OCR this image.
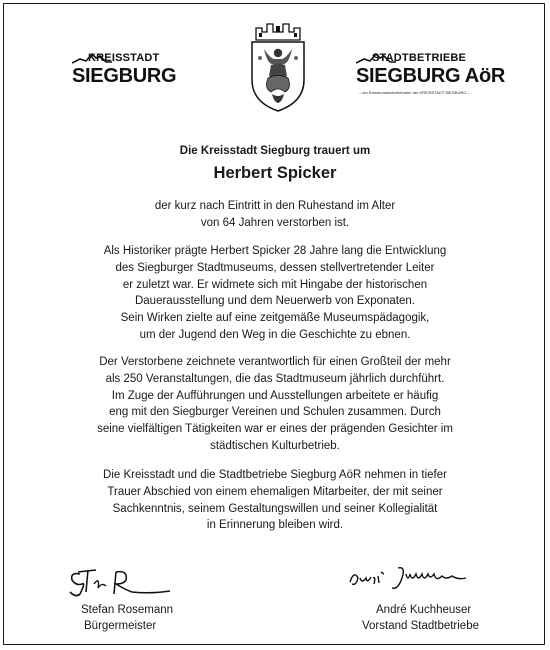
KREISSTADT
SIEGBURG
STADTBETRIEBE
SIEGBURG AöR
– ein Kommunalunternehmen der KREISSTADT SIEGBURG –
Die Kreisstadt Siegburg trauert um
Herbert Spicker
der kurz nach Eintritt in den Ruhestand im Alter
von 64 Jahren verstorben ist.
Als Historiker prägte Herbert Spicker 28 Jahre lang die Entwicklung
des Siegburger Stadtmuseums, dessen stellvertretender Leiter
er zuletzt war. Er widmete sich mit Hingabe der historischen
Dauerausstellung und dem Neuerwerb von Exponaten.
Sein Wirken zielte auf eine zeitgemäße Museumspädagogik,
um der Jugend den Weg in die Geschichte zu ebnen.
Der Verstorbene zeichnete verantwortlich für einen Großteil der mehr
als 250 Veranstaltungen, die das Stadtmuseum jährlich durchführt.
Im Zuge der Aufführungen und Ausstellungen arbeitete er häufig
eng mit den Siegburger Vereinen und Schulen zusammen. Durch
seine vielfältigen Tätigkeiten war er eines der prägenden Gesichter im
städtischen Kulturbetrieb.
Die Kreisstadt und die Stadtbetriebe Siegburg AöR nehmen in tiefer
Trauer Abschied von einem ehemaligen Mitarbeiter, der mit seiner
Sachkenntnis, seinem Gestaltungswillen und seiner Kollegialität
in Erinnerung bleiben wird.
Stefan Rosemann
Bürgermeister
André Kuchheuser
Vorstand Stadtbetriebe
